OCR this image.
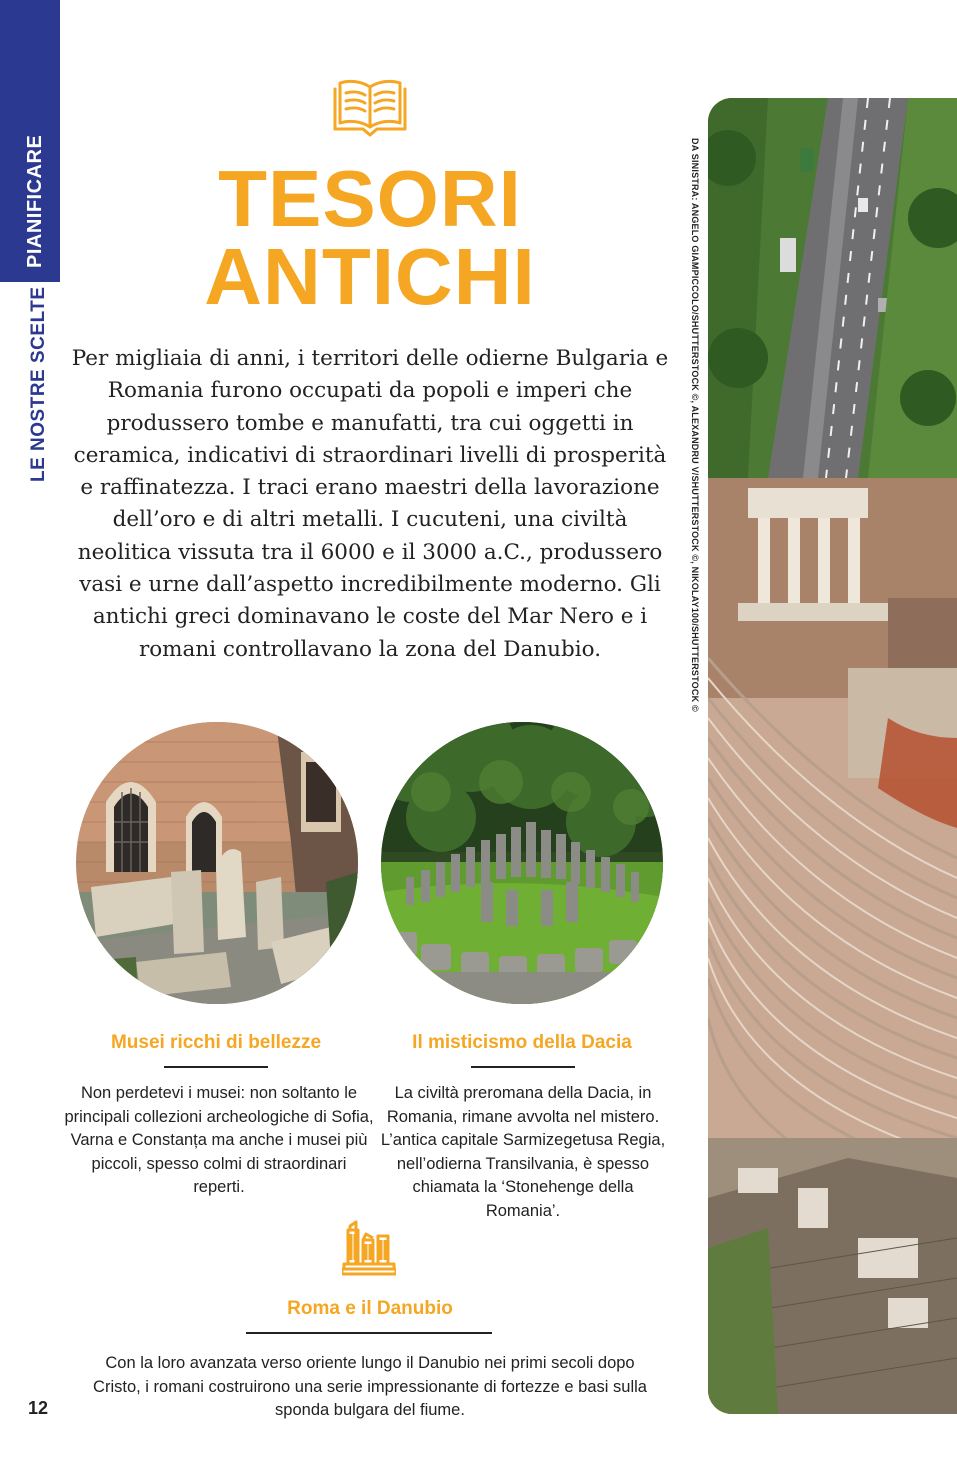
PIANIFICARE
LE NOSTRE SCELTE
TESORI
ANTICHI

Per migliaia di anni, i territori delle odierne Bulgaria e Romania furono occupati da popoli e imperi che produssero tombe e manufatti, tra cui oggetti in ceramica, indicativi di straordinari livelli di prosperità e raffinatezza. I traci erano maestri della lavorazione dell’oro e di altri metalli. I cucuteni, una civiltà neolitica vissuta tra il 6000 e il 3000 a.C., produssero vasi e urne dall’aspetto incredibilmente moderno. Gli antichi greci dominavano le coste del Mar Nero e i romani controllavano la zona del Danubio.

Musei ricchi di bellezze

Non perdetevi i musei: non soltanto le principali collezioni archeologiche di Sofia, Varna e Constanța ma anche i musei più piccoli, spesso colmi di straordinari reperti.

Il misticismo della Dacia

La civiltà preromana della Dacia, in Romania, rimane avvolta nel mistero. L’antica capitale Sarmizegetusa Regia, nell’odierna Transilvania, è spesso chiamata la ‘Stonehenge della Romania’.

Roma e il Danubio

Con la loro avanzata verso oriente lungo il Danubio nei primi secoli dopo Cristo, i romani costruirono una serie impressionante di fortezze e basi sulla sponda bulgara del fiume.

12
DA SINISTRA: ANGELO GIAMPICCOLO/SHUTTERSTOCK ©, ALEXANDRU V/SHUTTERSTOCK ©, NIKOLAY100/SHUTTERSTOCK ©
